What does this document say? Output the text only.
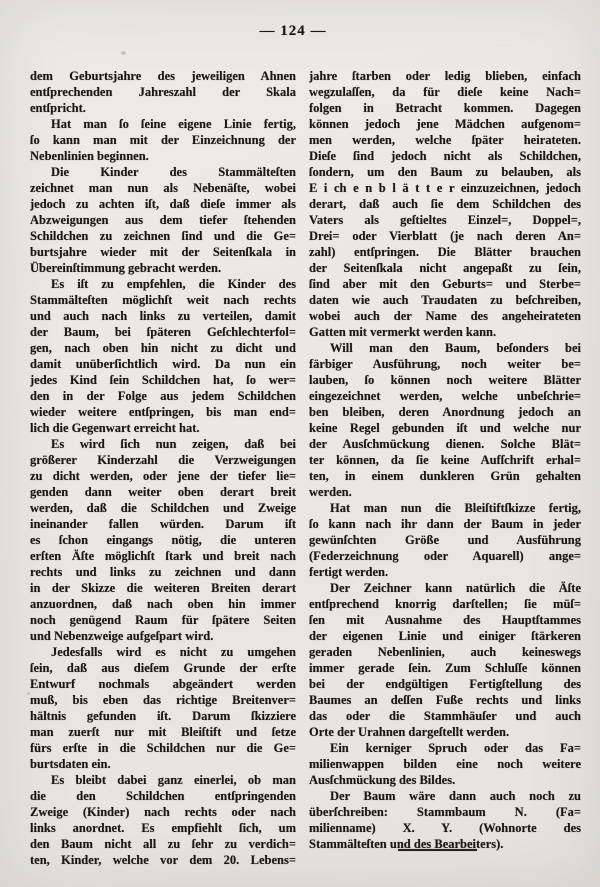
— 124 —
dem Geburtsjahre des jeweiligen Ahnen
entſprechenden Jahreszahl der Skala
entſpricht.
Hat man ſo ſeine eigene Linie fertig,
ſo kann man mit der Einzeichnung der
Nebenlinien beginnen.
Die Kinder des Stammälteſten
zeichnet man nun als Nebenäſte, wobei
jedoch zu achten iſt, daß dieſe immer als
Abzweigungen aus dem tiefer ſtehenden
Schildchen zu zeichnen ſind und die Ge=
burtsjahre wieder mit der Seitenſkala in
Übereinſtimmung gebracht werden.
Es iſt zu empfehlen, die Kinder des
Stammälteſten möglichſt weit nach rechts
und auch nach links zu verteilen, damit
der Baum, bei ſpäteren Geſchlechterfol=
gen, nach oben hin nicht zu dicht und
damit unüberſichtlich wird. Da nun ein
jedes Kind ſein Schildchen hat, ſo wer=
den in der Folge aus jedem Schildchen
wieder weitere entſpringen, bis man end=
lich die Gegenwart erreicht hat.
Es wird ſich nun zeigen, daß bei
größerer Kinderzahl die Verzweigungen
zu dicht werden, oder jene der tiefer lie=
genden dann weiter oben derart breit
werden, daß die Schildchen und Zweige
ineinander fallen würden. Darum iſt
es ſchon eingangs nötig, die unteren
erſten Äſte möglichſt ſtark und breit nach
rechts und links zu zeichnen und dann
in der Skizze die weiteren Breiten derart
anzuordnen, daß nach oben hin immer
noch genügend Raum für ſpätere Seiten
und Nebenzweige aufgeſpart wird.
Jedesfalls wird es nicht zu umgehen
ſein, daß aus dieſem Grunde der erſte
Entwurf nochmals abgeändert werden
muß, bis eben das richtige Breitenver=
hältnis gefunden iſt. Darum ſkizziere
man zuerſt nur mit Bleiſtift und ſetze
fürs erſte in die Schildchen nur die Ge=
burtsdaten ein.
Es bleibt dabei ganz einerlei, ob man
die den Schildchen entſpringenden
Zweige (Kinder) nach rechts oder nach
links anordnet. Es empfiehlt ſich, um
den Baum nicht all zu ſehr zu verdich=
ten, Kinder, welche vor dem 20. Lebens=
jahre ſtarben oder ledig blieben, einfach
wegzulaſſen, da für dieſe keine Nach=
folgen in Betracht kommen. Dagegen
können jedoch jene Mädchen aufgenom=
men werden, welche ſpäter heirateten.
Dieſe ſind jedoch nicht als Schildchen,
ſondern, um den Baum zu belauben, als
E i ch e n b l ä t t e r einzuzeichnen, jedoch
derart, daß auch ſie dem Schildchen des
Vaters als geſtieltes Einzel=, Doppel=,
Drei= oder Vierblatt (je nach deren An=
zahl) entſpringen. Die Blätter brauchen
der Seitenſkala nicht angepaßt zu ſein,
ſind aber mit den Geburts= und Sterbe=
daten wie auch Traudaten zu beſchreiben,
wobei auch der Name des angeheirateten
Gatten mit vermerkt werden kann.
Will man den Baum, beſonders bei
färbiger Ausführung, noch weiter be=
lauben, ſo können noch weitere Blätter
eingezeichnet werden, welche unbeſchrie=
ben bleiben, deren Anordnung jedoch an
keine Regel gebunden iſt und welche nur
der Ausſchmückung dienen. Solche Blät=
ter können, da ſie keine Aufſchrift erhal=
ten, in einem dunkleren Grün gehalten
werden.
Hat man nun die Bleiſtiftſkizze fertig,
ſo kann nach ihr dann der Baum in jeder
gewünſchten Größe und Ausführung
(Federzeichnung oder Aquarell) ange=
fertigt werden.
Der Zeichner kann natürlich die Äſte
entſprechend knorrig darſtellen; ſie müſ=
ſen mit Ausnahme des Hauptſtammes
der eigenen Linie und einiger ſtärkeren
geraden Nebenlinien, auch keineswegs
immer gerade ſein. Zum Schluſſe können
bei der endgültigen Fertigſtellung des
Baumes an deſſen Fuße rechts und links
das oder die Stammhäuſer und auch
Orte der Urahnen dargeſtellt werden.
Ein kerniger Spruch oder das Fa=
milienwappen bilden eine noch weitere
Ausſchmückung des Bildes.
Der Baum wäre dann auch noch zu
überſchreiben: Stammbaum N. (Fa=
milienname) X. Y. (Wohnorte des
Stammälteſten und des Bearbeiters).
